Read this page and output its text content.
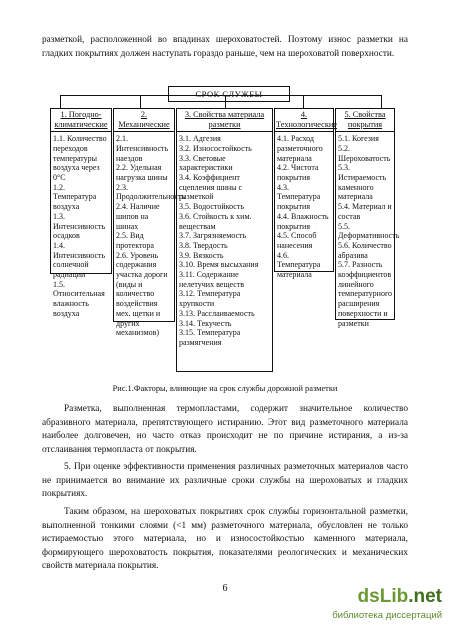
разметкой, расположенной во впадинах шероховатостей. Поэтому износ разметки на гладких покрытиях должен наступать гораздо раньше, чем на шероховатой поверхности.
СРОК СЛУЖБЫ
1. Погодно-климатические
1.1. Количество переходов температуры воздуха через 0°С
1.2. Температура воздуха
1.3. Интенсивность осадков
1.4. Интенсивность солнечной радиации
1.5. Относительная влажность воздуха
2. Механические
2.1. Интенсивность наездов
2.2. Удельная нагрузка шины
2.3. Продолжительность
2.4. Наличие шипов на шинах
2.5. Вид протектора
2.6. Уровень содержания участка дороги (виды и количество воздействия мех. щетки и других механизмов)
3. Свойства материала разметки
3.1. Адгезия
3.2. Износостойкость
3.3. Световые характеристики
3.4. Коэффициент сцепления шины с разметкой
3.5. Водостойкость
3.6. Стойкость к хим. веществам
3.7. Загрязняемость
3.8. Твердость
3.9. Вязкость
3.10. Время высыхания
3.11. Содержание нелетучих веществ
3.12. Температура хрупкости
3.13. Расслаиваемость
3.14. Текучесть
3.15. Температура размягчения
4. Технологические
4.1. Расход разметочного материала
4.2. Чистота покрытия
4.3. Температура покрытия
4.4. Влажность покрытия
4.5. Способ нанесения
4.6. Температура материала
5. Свойства покрытия
5.1. Когезия
5.2. Шероховатость
5.3. Истираемость каменного материала
5.4. Материал и состав
5.5. Деформативность
5.6. Количество абразива
5.7. Разность коэффициентов линейного температурного расширения поверхности и разметки
Рис.1.Факторы, влияющие на срок службы дорожной разметки
Разметка, выполненная термопластами, содержит значительное количество абразивного материала, препятствующего истиранию. Этот вид разметочного материала наиболее долговечен, но часто отказ происходит не по причине истирания, а из-за отслаивания термопласта от покрытия.
5. При оценке эффективности применения различных разметочных материалов часто не принимается во внимание их различные сроки службы на шероховатых и гладких покрытиях.
Таким образом, на шероховатых покрытиях срок службы горизонтальной разметки, выполненной тонкими слоями (<1 мм) разметочного материала, обусловлен не только истираемостью этого материала, но и износостойкостью каменного материала, формирующего шероховатость покрытия, показателями реологических и механических свойств материала покрытия.
6	dsLib.net
библиотека диссертаций
